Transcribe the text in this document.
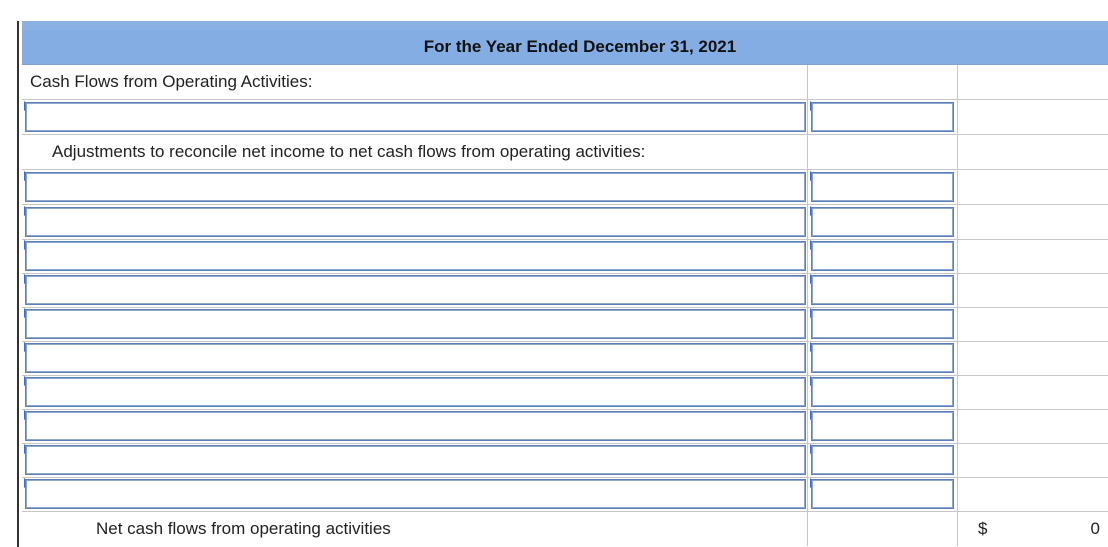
For the Year Ended December 31, 2021
Cash Flows from Operating Activities:
Adjustments to reconcile net income to net cash flows from operating activities:
Net cash flows from operating activities	$	0
